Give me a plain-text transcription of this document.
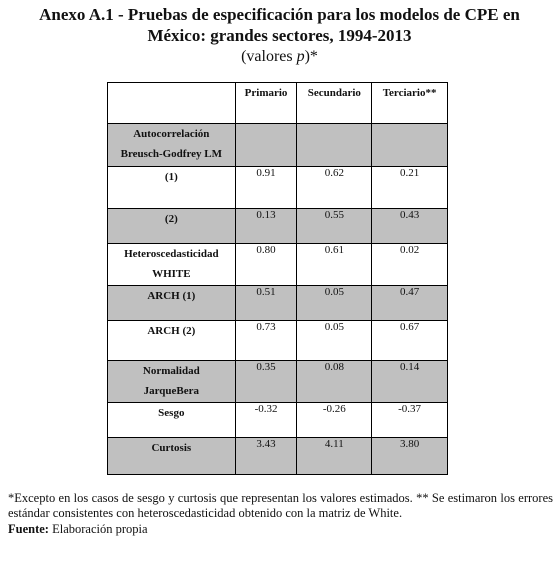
Anexo A.1 - Pruebas de especificación para los modelos de CPE en
México: grandes sectores, 1994-2013
(valores p)*
	Primario	Secundario	Terciario**

Autocorrelación
Breusch-Godfrey LM			

(1)	0.91	0.62	0.21

(2)	0.13	0.55	0.43

Heteroscedasticidad
WHITE	0.80	0.61	0.02

ARCH (1)	0.51	0.05	0.47

ARCH (2)	0.73	0.05	0.67

Normalidad
JarqueBera	0.35	0.08	0.14

Sesgo	-0.32	-0.26	-0.37

Curtosis	3.43	4.11	3.80
*Excepto en los casos de sesgo y curtosis que representan los valores estimados. ** Se estimaron los errores estándar consistentes con heteroscedasticidad obtenido con la matriz de White.
Fuente: Elaboración propia
